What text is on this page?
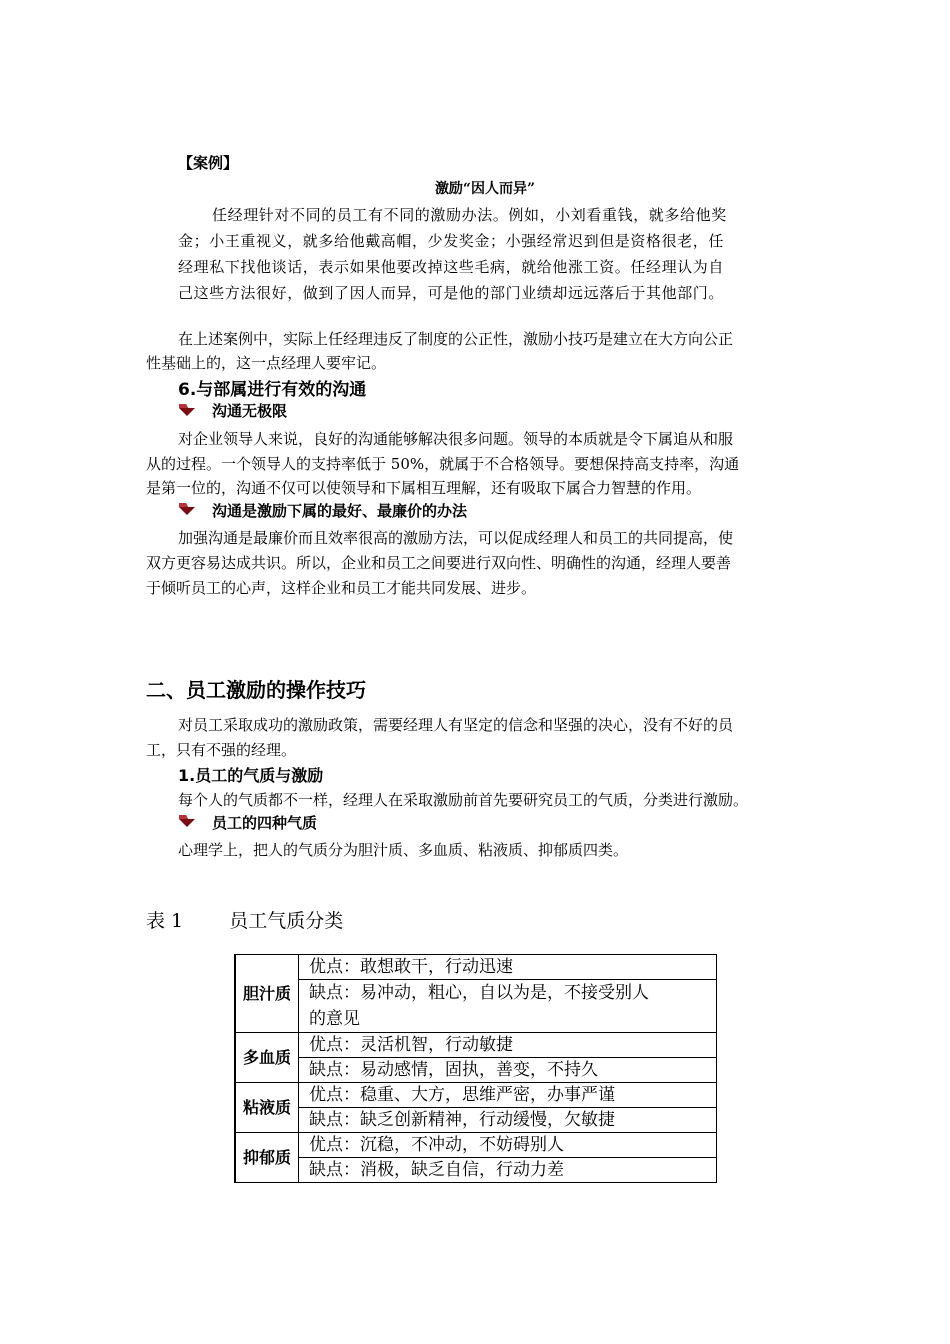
【案例】
激励“因人而异”
任经理针对不同的员工有不同的激励办法。例如，小刘看重钱，就多给他奖
金；小王重视义，就多给他戴高帽，少发奖金；小强经常迟到但是资格很老，任
经理私下找他谈话，表示如果他要改掉这些毛病，就给他涨工资。任经理认为自
己这些方法很好，做到了因人而异，可是他的部门业绩却远远落后于其他部门。
在上述案例中，实际上任经理违反了制度的公正性，激励小技巧是建立在大方向公正
性基础上的，这一点经理人要牢记。
6.与部属进行有效的沟通
沟通无极限
对企业领导人来说，良好的沟通能够解决很多问题。领导的本质就是令下属追从和服
从的过程。一个领导人的支持率低于 50%，就属于不合格领导。要想保持高支持率，沟通
是第一位的，沟通不仅可以使领导和下属相互理解，还有吸取下属合力智慧的作用。
沟通是激励下属的最好、最廉价的办法
加强沟通是最廉价而且效率很高的激励方法，可以促成经理人和员工的共同提高，使
双方更容易达成共识。所以，企业和员工之间要进行双向性、明确性的沟通，经理人要善
于倾听员工的心声，这样企业和员工才能共同发展、进步。
二、员工激励的操作技巧
对员工采取成功的激励政策，需要经理人有坚定的信念和坚强的决心，没有不好的员
工，只有不强的经理。
1.员工的气质与激励
每个人的气质都不一样，经理人在采取激励前首先要研究员工的气质，分类进行激励。
员工的四种气质
心理学上，把人的气质分为胆汁质、多血质、粘液质、抑郁质四类。
表 1 员工气质分类
胆汁质	优点：敢想敢干，行动迅速

	缺点：易冲动，粗心，自以为是，不接受别人
的意见

多血质	优点：灵活机智，行动敏捷
	缺点：易动感情，固执，善变，不持久
粘液质	优点：稳重、大方，思维严密，办事严谨
	缺点：缺乏创新精神，行动缓慢，欠敏捷
抑郁质	优点：沉稳，不冲动，不妨碍别人
	缺点：消极，缺乏自信，行动力差
